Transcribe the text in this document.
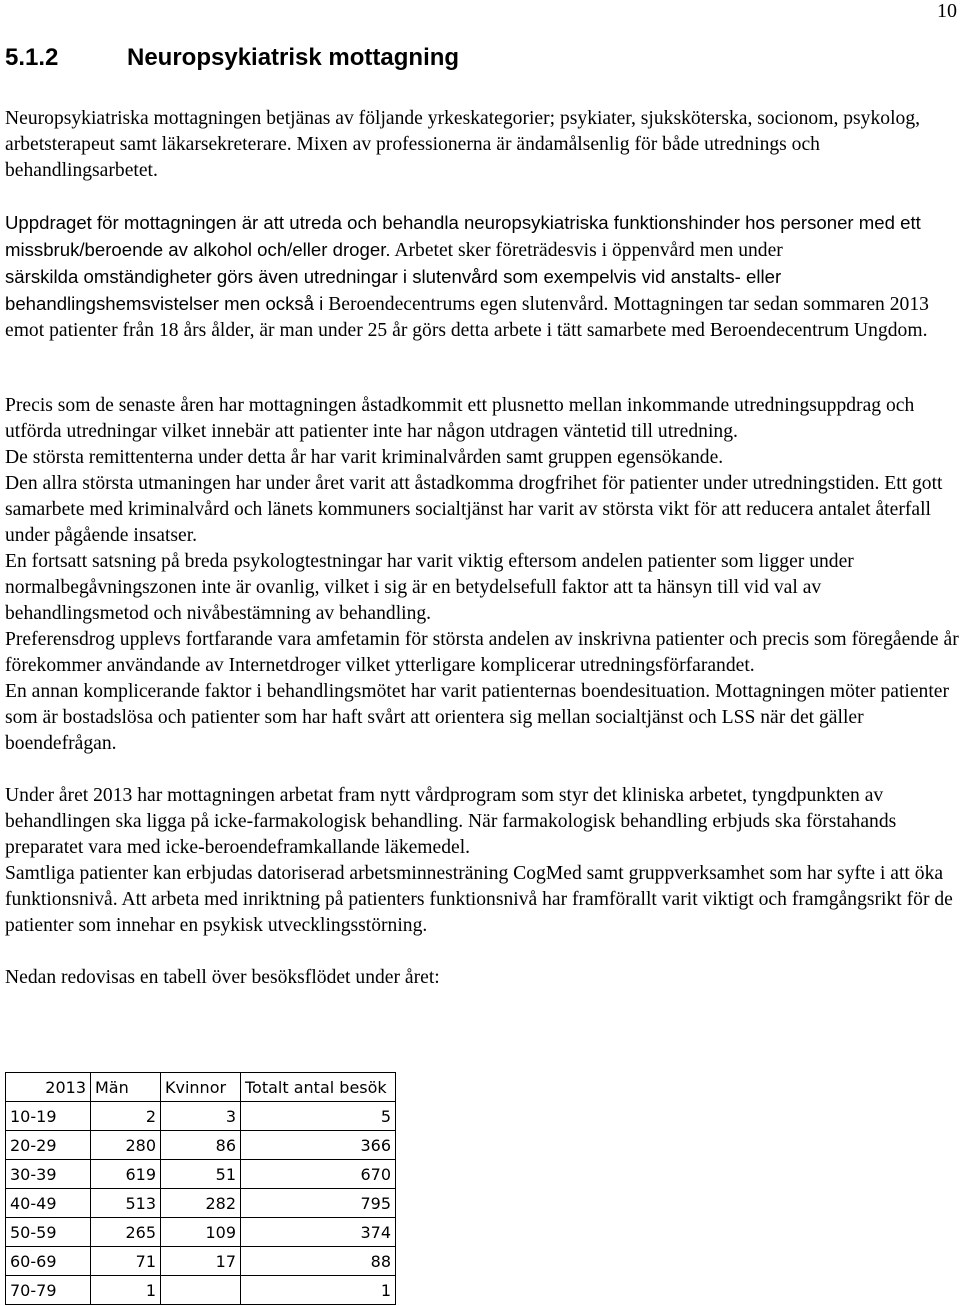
10
5.1.2	Neuropsykiatrisk mottagning

Neuropsykiatriska mottagningen betjänas av följande yrkeskategorier; psykiater, sjuksköterska, socionom, psykolog, arbetsterapeut samt läkarsekreterare. Mixen av professionerna är ändamålsenlig för både utrednings och behandlingsarbetet.

Uppdraget för mottagningen är att utreda och behandla neuropsykiatriska funktionshinder hos personer med ett missbruk/beroende av alkohol och/eller droger. Arbetet sker företrädesvis i öppenvård men under

särskilda omständigheter görs även utredningar i slutenvård som exempelvis vid anstalts- eller behandlingshemsvistelser men också i Beroendecentrums egen slutenvård. Mottagningen tar sedan sommaren 2013 emot patienter från 18 års ålder, är man under 25 år görs detta arbete i tätt samarbete med Beroendecentrum Ungdom.

Precis som de senaste åren har mottagningen åstadkommit ett plusnetto mellan inkommande utredningsuppdrag och utförda utredningar vilket innebär att patienter inte har någon utdragen väntetid till utredning.

De största remittenterna under detta år har varit kriminalvården samt gruppen egensökande.

Den allra största utmaningen har under året varit att åstadkomma drogfrihet för patienter under utredningstiden. Ett gott samarbete med kriminalvård och länets kommuners socialtjänst har varit av största vikt för att reducera antalet återfall under pågående insatser.

En fortsatt satsning på breda psykologtestningar har varit viktig eftersom andelen patienter som ligger under normalbegåvningszonen inte är ovanlig, vilket i sig är en betydelsefull faktor att ta hänsyn till vid val av behandlingsmetod och nivåbestämning av behandling.

Preferensdrog upplevs fortfarande vara amfetamin för största andelen av inskrivna patienter och precis som föregående år förekommer användande av Internetdroger vilket ytterligare komplicerar utredningsförfarandet.

En annan komplicerande faktor i behandlingsmötet har varit patienternas boendesituation. Mottagningen möter patienter som är bostadslösa och patienter som har haft svårt att orientera sig mellan socialtjänst och LSS när det gäller boendefrågan.

Under året 2013 har mottagningen arbetat fram nytt vårdprogram som styr det kliniska arbetet, tyngdpunkten av behandlingen ska ligga på icke-farmakologisk behandling. När farmakologisk behandling erbjuds ska förstahands preparatet vara med icke-beroendeframkallande läkemedel.

Samtliga patienter kan erbjudas datoriserad arbetsminnesträning CogMed samt gruppverksamhet som har syfte i att öka funktionsnivå. Att arbeta med inriktning på patienters funktionsnivå har framförallt varit viktigt och framgångsrikt för de patienter som innehar en psykisk utvecklingsstörning.

Nedan redovisas en tabell över besöksflödet under året:

2013	Män	Kvinnor	Totalt antal besök
10-19	2	3	5
20-29	280	86	366
30-39	619	51	670
40-49	513	282	795
50-59	265	109	374
60-69	71	17	88
70-79	1		1
